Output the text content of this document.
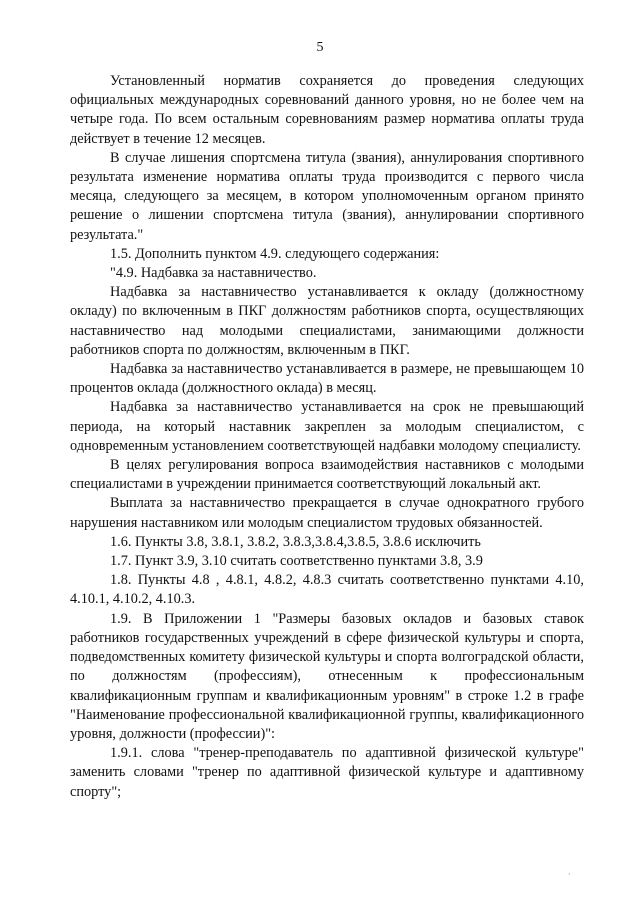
5

Установленный норматив сохраняется до проведения следующих официальных международных соревнований данного уровня, но не более чем на четыре года. По всем остальным соревнованиям размер норматива оплаты труда действует в течение 12 месяцев.

В случае лишения спортсмена титула (звания), аннулирования спортивного результата изменение норматива оплаты труда производится с первого числа месяца, следующего за месяцем, в котором уполномоченным органом принято решение о лишении спортсмена титула (звания), аннулировании спортивного результата."

1.5. Дополнить пунктом 4.9. следующего содержания:

"4.9. Надбавка за наставничество.

Надбавка за наставничество устанавливается к окладу (должностному окладу) по включенным в ПКГ должностям работников спорта, осуществляющих наставничество над молодыми специалистами, занимающими должности работников спорта по должностям, включенным в ПКГ.

Надбавка за наставничество устанавливается в размере, не превышающем 10 процентов оклада (должностного оклада) в месяц.

Надбавка за наставничество устанавливается на срок не превышающий периода, на который наставник закреплен за молодым специалистом, с одновременным установлением соответствующей надбавки молодому специалисту.

В целях регулирования вопроса взаимодействия наставников с молодыми специалистами в учреждении принимается соответствующий локальный акт.

Выплата за наставничество прекращается в случае однократного грубого нарушения наставником или молодым специалистом трудовых обязанностей.

1.6. Пункты 3.8, 3.8.1, 3.8.2, 3.8.3,3.8.4,3.8.5, 3.8.6 исключить

1.7. Пункт 3.9, 3.10 считать соответственно пунктами 3.8, 3.9

1.8. Пункты 4.8 , 4.8.1, 4.8.2, 4.8.3 считать соответственно пунктами 4.10, 4.10.1, 4.10.2, 4.10.3.

1.9. В Приложении 1 "Размеры базовых окладов и базовых ставок работников государственных учреждений в сфере физической культуры и спорта, подведомственных комитету физической культуры и спорта волгоградской области, по должностям (профессиям), отнесенным к профессиональным квалификационным группам и квалификационным уровням" в строке 1.2 в графе "Наименование профессиональной квалификационной группы, квалификационного уровня, должности (профессии)":

1.9.1. слова "тренер-преподаватель по адаптивной физической культуре" заменить словами "тренер по адаптивной физической культуре и адаптивному спорту";

·
